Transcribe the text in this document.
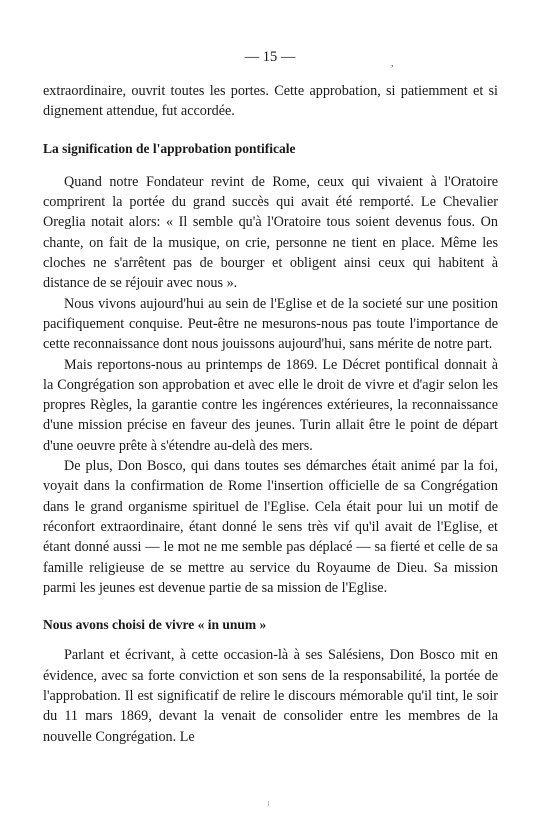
— 15 —	,

extraordinaire, ouvrit toutes les portes. Cette approbation, si patiemment et si dignement attendue, fut accordée.

La signification de l'approbation pontificale

Quand notre Fondateur revint de Rome, ceux qui vivaient à l'Oratoire comprirent la portée du grand succès qui avait été remporté. Le Chevalier Oreglia notait alors: « Il semble qu'à l'Oratoire tous soient devenus fous. On chante, on fait de la musique, on crie, personne ne tient en place. Même les cloches ne s'arrêtent pas de bourger et obligent ainsi ceux qui habitent à distance de se réjouir avec nous ».

Nous vivons aujourd'hui au sein de l'Eglise et de la societé sur une position pacifiquement conquise. Peut-être ne mesurons-nous pas toute l'importance de cette reconnaissance dont nous jouissons aujourd'hui, sans mérite de notre part.

Mais reportons-nous au printemps de 1869. Le Décret pontifical donnait à la Congrégation son approbation et avec elle le droit de vivre et d'agir selon les propres Règles, la garantie contre les ingérences extérieures, la reconnaissance d'une mission précise en faveur des jeunes. Turin allait être le point de départ d'une oeuvre prête à s'étendre au-delà des mers.

De plus, Don Bosco, qui dans toutes ses démarches était animé par la foi, voyait dans la confirmation de Rome l'insertion officielle de sa Congrégation dans le grand organisme spirituel de l'Eglise. Cela était pour lui un motif de réconfort extraordinaire, étant donné le sens très vif qu'il avait de l'Eglise, et étant donné aussi — le mot ne me semble pas déplacé — sa fierté et celle de sa famille religieuse de se mettre au service du Royaume de Dieu. Sa mission parmi les jeunes est devenue partie de sa mission de l'Eglise.

Nous avons choisi de vivre « in unum »

Parlant et écrivant, à cette occasion-là à ses Salésiens, Don Bosco mit en évidence, avec sa forte conviction et son sens de la responsabilité, la portée de l'approbation. Il est significatif de relire le discours mémorable qu'il tint, le soir du 11 mars 1869, devant la venait de consolider entre les membres de la nouvelle Congrégation. Le
